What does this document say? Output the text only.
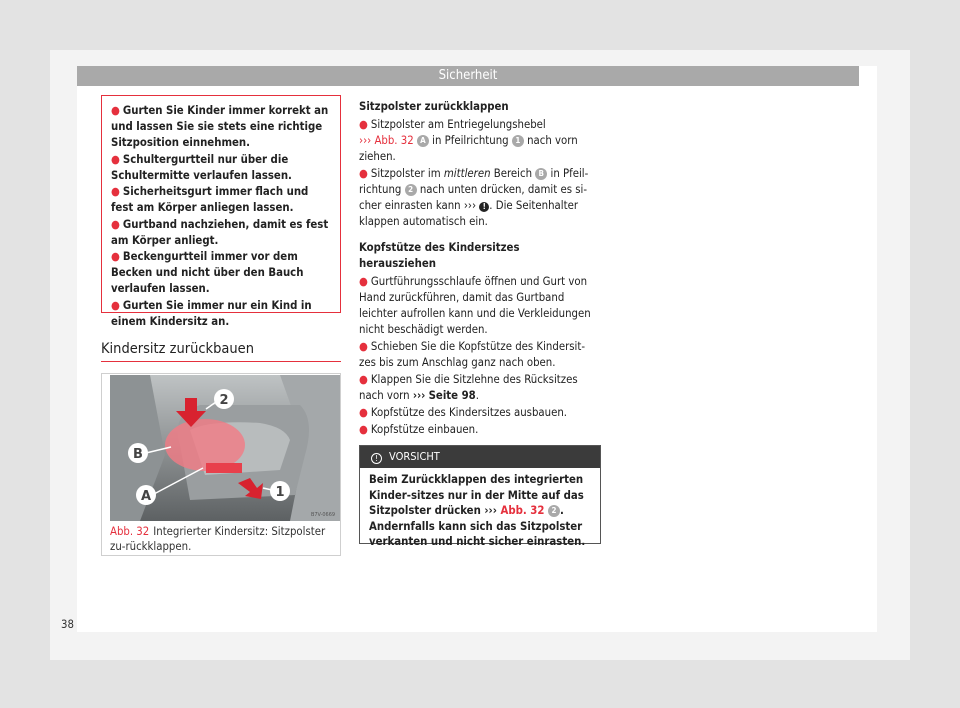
Sicherheit
● Gurten Sie Kinder immer korrekt an und lassen Sie sie stets eine richtige Sitzposition einnehmen.
● Schultergurtteil nur über die Schultermitte verlaufen lassen.
● Sicherheitsgurt immer flach und fest am Körper anliegen lassen.
● Gurtband nachziehen, damit es fest am Körper anliegt.
● Beckengurtteil immer vor dem Becken und nicht über den Bauch verlaufen lassen.
● Gurten Sie immer nur ein Kind in einem Kindersitz an.
Kindersitz zurückbauen
A
B
1
2
B7V-0669
Abb. 32 Integrierter Kindersitz: Sitzpolster zu-rückklappen.
Sitzpolster zurückklappen

● Sitzpolster am Entriegelungshebel
››› Abb. 32 A in Pfeilrichtung 1 nach vorn ziehen.

● Sitzpolster im mittleren Bereich B in Pfeil-richtung 2 nach unten drücken, damit es si-cher einrasten kann ››› ! . Die Seitenhalter klappen automatisch ein.

Kopfstütze des Kindersitzes herausziehen

● Gurtführungsschlaufe öffnen und Gurt von Hand zurückführen, damit das Gurtband leichter aufrollen kann und die Verkleidungen nicht beschädigt werden.

● Schieben Sie die Kopfstütze des Kindersit-zes bis zum Anschlag ganz nach oben.

● Klappen Sie die Sitzlehne des Rücksitzes nach vorn ››› Seite 98.

● Kopfstütze des Kindersitzes ausbauen.

● Kopfstütze einbauen.

! VORSICHT
Beim Zurückklappen des integrierten Kinder-sitzes nur in der Mitte auf das Sitzpolster drücken ››› Abb. 32 2 . Andernfalls kann sich das Sitzpolster verkanten und nicht sicher einrasten.
38
